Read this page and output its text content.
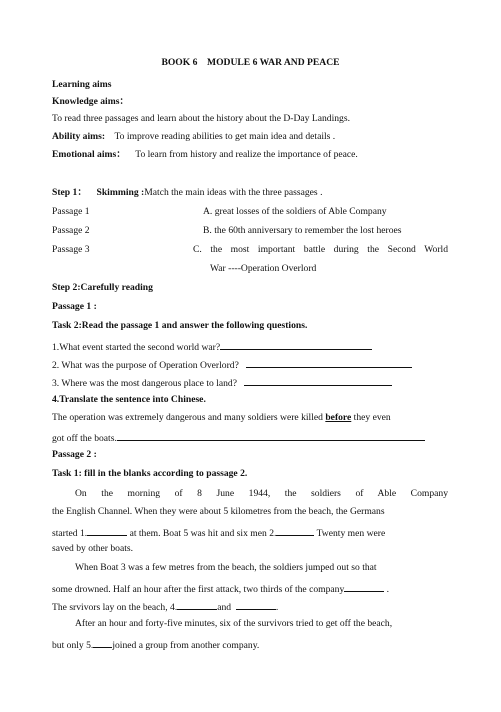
BOOK 6    MODULE 6 WAR AND PEACE
Learning aims
Knowledge aims：
To read three passages and learn about the history about the D-Day Landings.
Ability aims: To improve reading abilities to get main idea and details .
Emotional aims： To learn from history and realize the importance of peace.
Step 1： Skimming :Match the main ideas with the three passages .
Passage 1	A. great losses of the soldiers of Able Company
Passage 2	B. the 60th anniversary to remember the lost heroes
Passage 3	C. the most important battle during the Second World
War ----Operation Overlord
Step 2:Carefully reading
Passage 1 :
Task 2:Read the passage 1 and answer the following questions.
1.What event started the second world war?
2. What was the purpose of Operation Overlord?
3. Where was the most dangerous place to land?
4.Translate the sentence into Chinese.
The operation was extremely dangerous and many soldiers were killed before they even
got off the boats.
Passage 2 :
Task 1: fill in the blanks according to passage 2.
On the morning of 8 June 1944, the soldiers of Able Company
the English Channel. When they were about 5 kilometres from the beach, the Germans
started 1.	at them. Boat 5 was hit and six men 2.	Twenty men were
saved by other boats.
When Boat 3 was a few metres from the beach, the soldiers jumped out so that
some drowned. Half an hour after the first attack, two thirds of the company	.
The srvivors lay on the beach, 4.	and	.
After an hour and forty-five minutes, six of the survivors tried to get off the beach,
but only 5. joined a group from another company.
